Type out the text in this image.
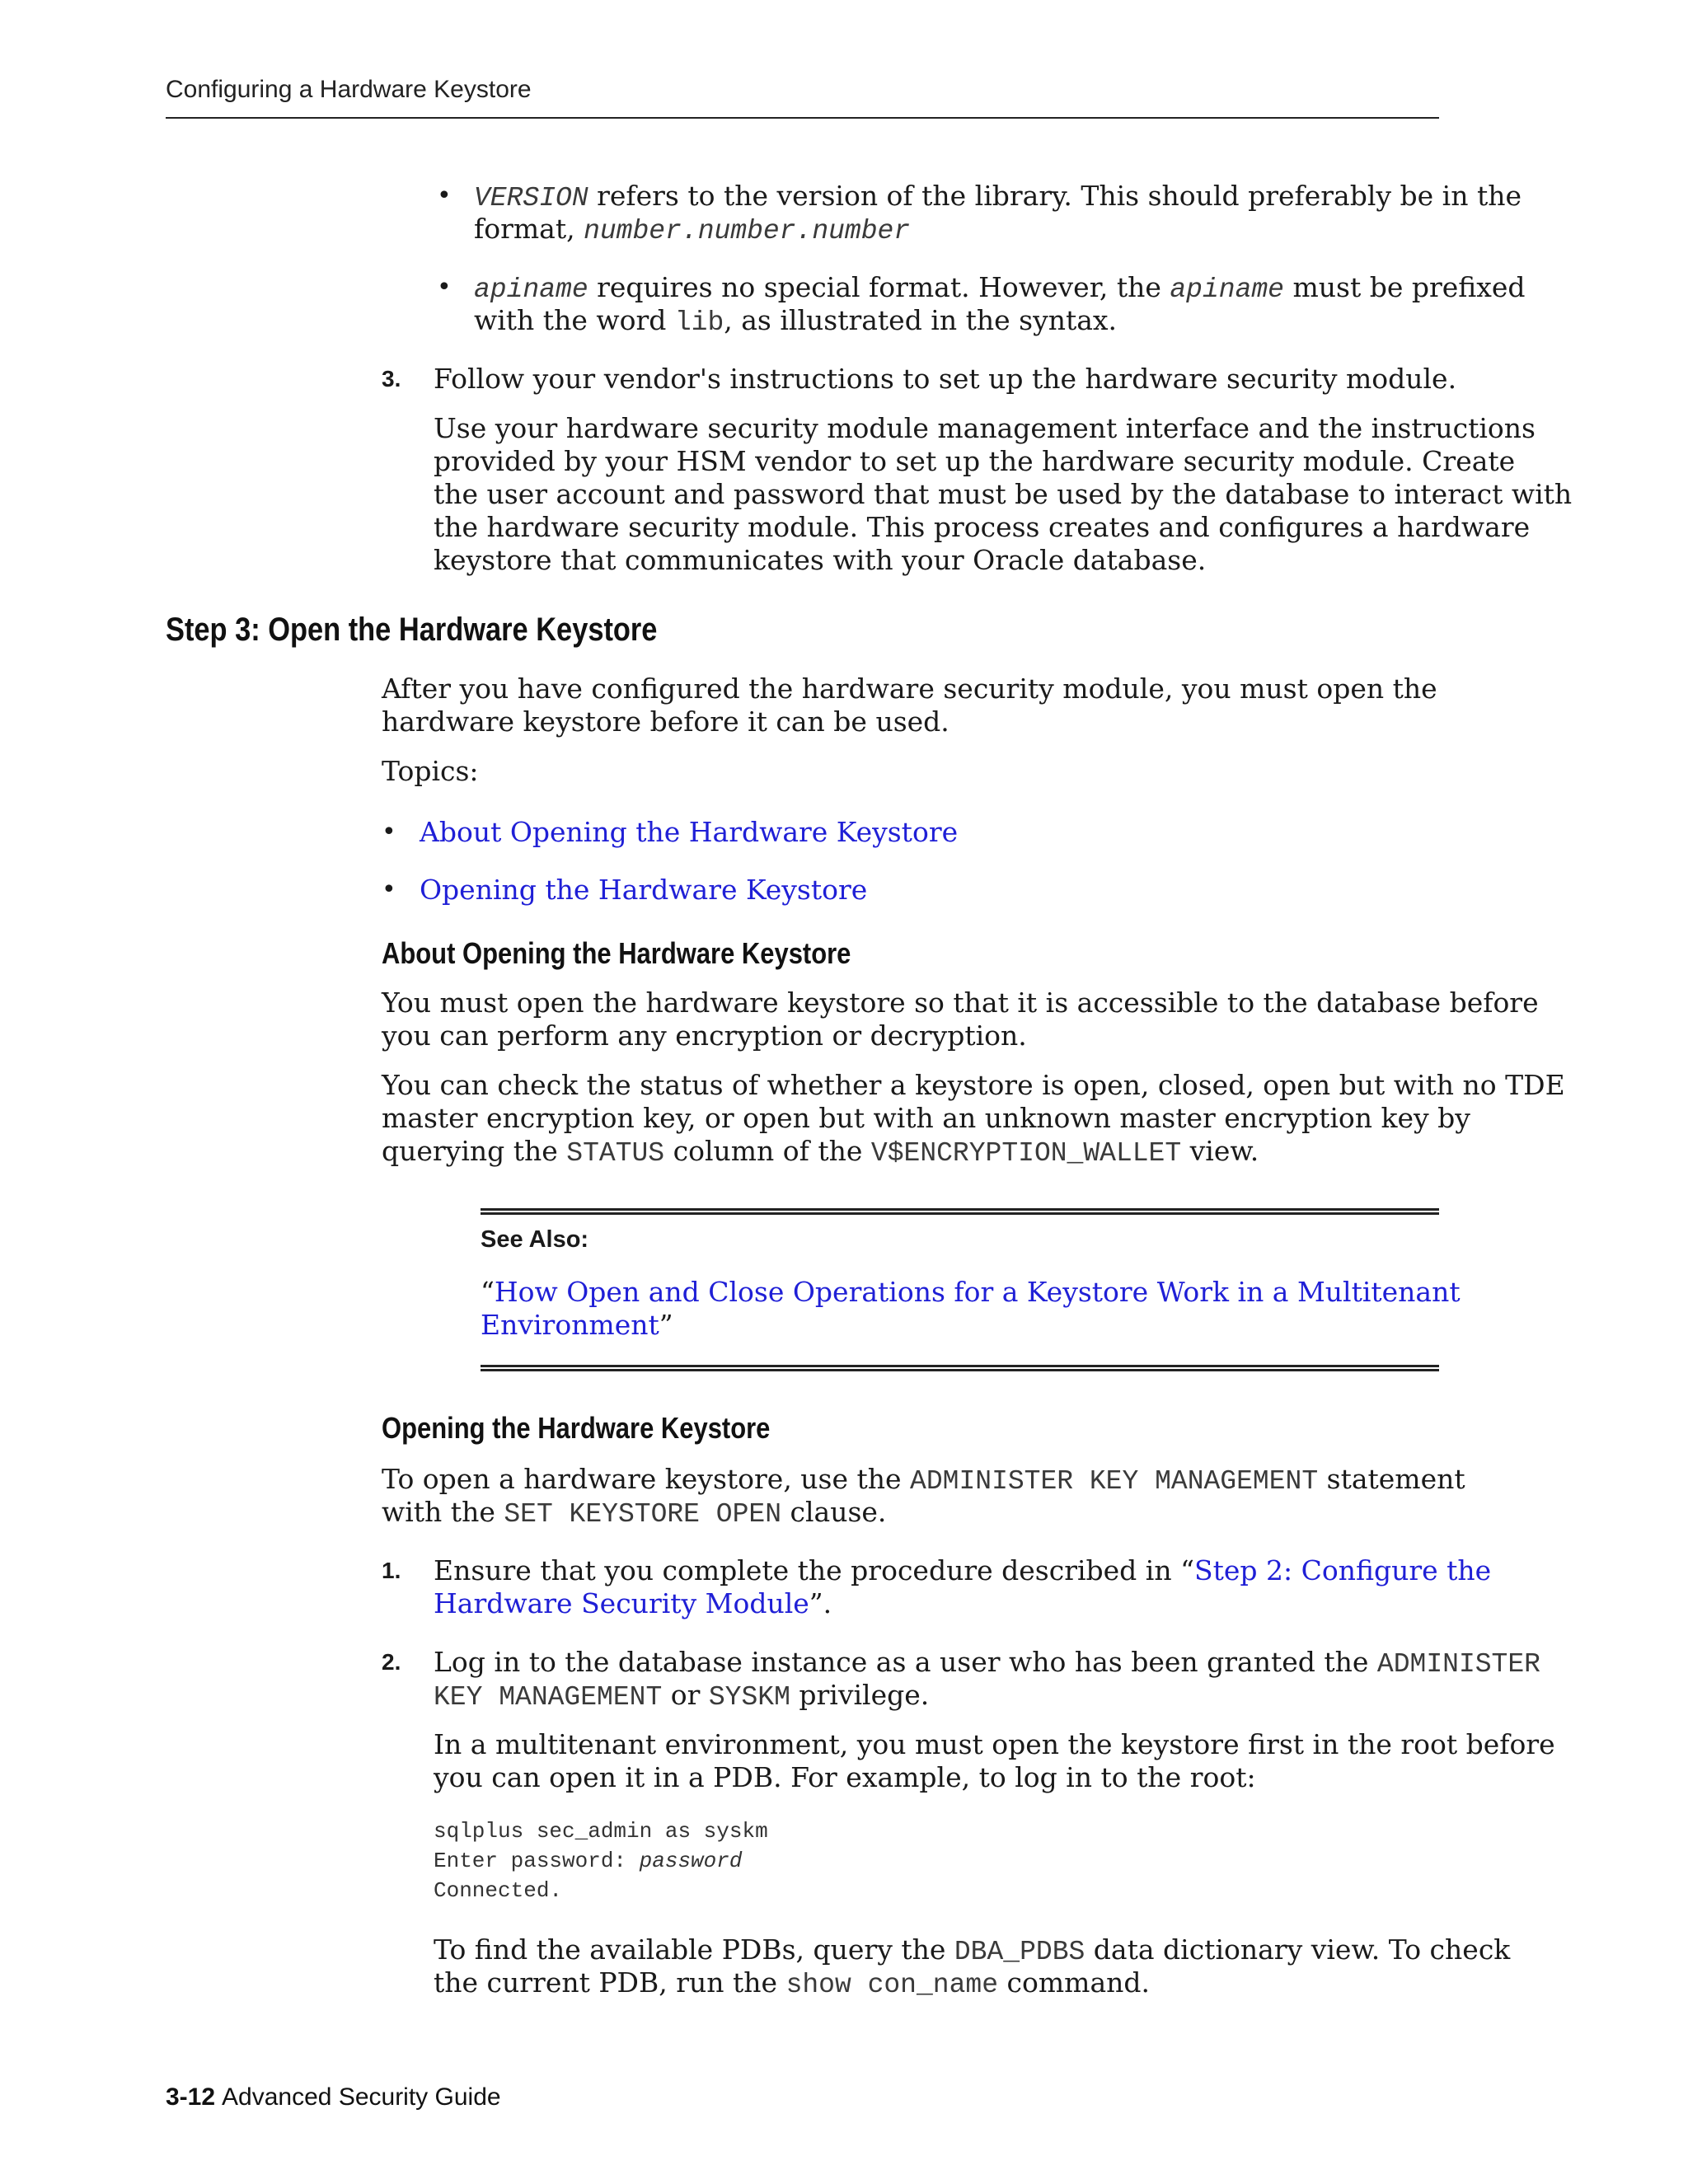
Configuring a Hardware Keystore
• VERSION refers to the version of the library. This should preferably be in the

format, number.number.number

• apiname requires no special format. However, the apiname must be prefixed

with the word lib, as illustrated in the syntax.

3. Follow your vendor's instructions to set up the hardware security module.

Use your hardware security module management interface and the instructions

provided by your HSM vendor to set up the hardware security module. Create

the user account and password that must be used by the database to interact with

the hardware security module. This process creates and configures a hardware

keystore that communicates with your Oracle database.

Step 3: Open the Hardware Keystore

After you have configured the hardware security module, you must open the

hardware keystore before it can be used.

Topics:

• About Opening the Hardware Keystore

• Opening the Hardware Keystore

About Opening the Hardware Keystore

You must open the hardware keystore so that it is accessible to the database before

you can perform any encryption or decryption.

You can check the status of whether a keystore is open, closed, open but with no TDE

master encryption key, or open but with an unknown master encryption key by

querying the STATUS column of the V$ENCRYPTION_WALLET view.

See Also:

“How Open and Close Operations for a Keystore Work in a Multitenant

Environment”

Opening the Hardware Keystore

To open a hardware keystore, use the ADMINISTER KEY MANAGEMENT statement

with the SET KEYSTORE OPEN clause.

1. Ensure that you complete the procedure described in “Step 2: Configure the

Hardware Security Module”.

2. Log in to the database instance as a user who has been granted the ADMINISTER

KEY MANAGEMENT or SYSKM privilege.

In a multitenant environment, you must open the keystore first in the root before

you can open it in a PDB. For example, to log in to the root:

sqlplus sec_admin as syskm
Enter password: password
Connected.

To find the available PDBs, query the DBA_PDBS data dictionary view. To check

the current PDB, run the show con_name command.

3-12 Advanced Security Guide
